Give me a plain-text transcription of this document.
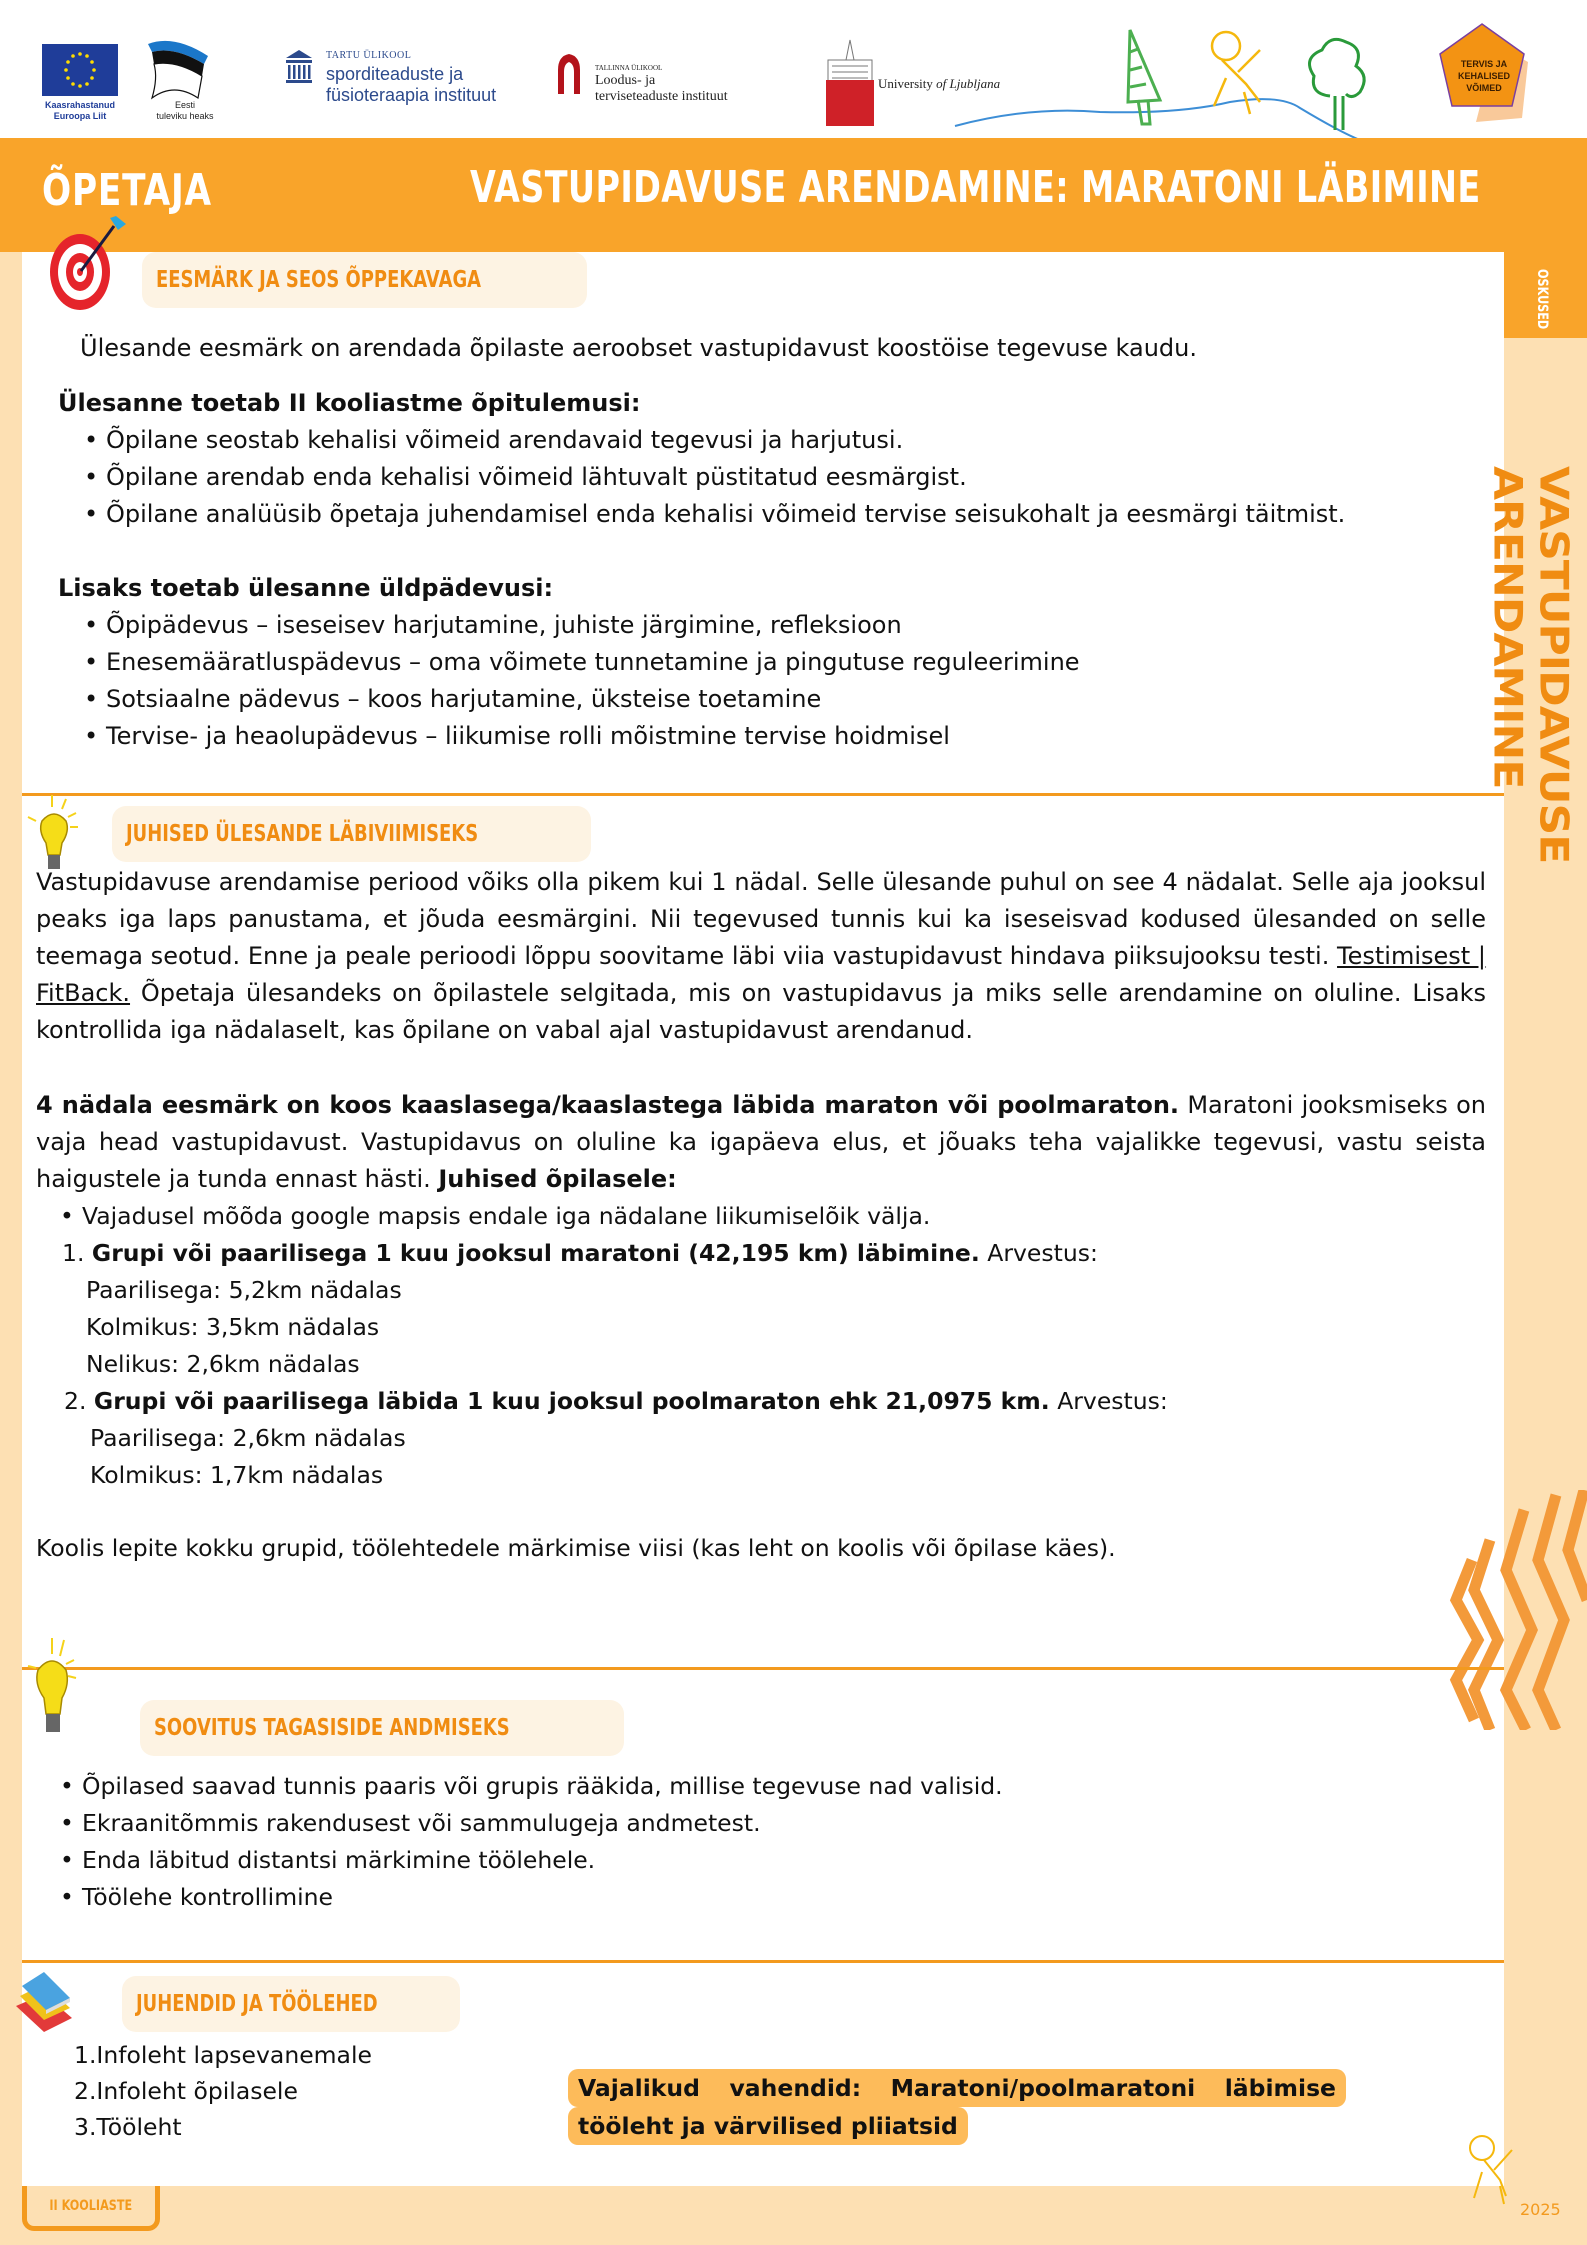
Kaasrahastanud
Euroopa Liit
Eesti
tuleviku heaks
TARTU ÜLIKOOL
sporditeaduste ja
füsioteraapia instituut
TALLINNA ÜLIKOOL
Loodus- ja
terviseteaduste instituut
University of Ljubljana
TERVIS JA
KEHALISED
VÕIMED
ÕPETAJA	VASTUPIDAVUSE ARENDAMINE: MARATONI LÄBIMINE
OSKUSED
VASTUPIDAVUSE ARENDAMINE
EESMÄRK JA SEOS ÕPPEKAVAGA
Ülesande eesmärk on arendada õpilaste aeroobset vastupidavust koostöise tegevuse kaudu.
Ülesanne toetab II kooliastme õpitulemusi:
• Õpilane seostab kehalisi võimeid arendavaid tegevusi ja harjutusi.
• Õpilane arendab enda kehalisi võimeid lähtuvalt püstitatud eesmärgist.
• Õpilane analüüsib õpetaja juhendamisel enda kehalisi võimeid tervise seisukohalt ja eesmärgi täitmist.
Lisaks toetab ülesanne üldpädevusi:
• Õpipädevus – iseseisev harjutamine, juhiste järgimine, refleksioon
• Enesemääratluspädevus – oma võimete tunnetamine ja pingutuse reguleerimine
• Sotsiaalne pädevus – koos harjutamine, üksteise toetamine
• Tervise- ja heaolupädevus – liikumise rolli mõistmine tervise hoidmisel
JUHISED ÜLESANDE LÄBIVIIMISEKS
Vastupidavuse arendamise periood võiks olla pikem kui 1 nädal. Selle ülesande puhul on see 4 nädalat. Selle aja jooksul peaks iga laps panustama, et jõuda eesmärgini. Nii tegevused tunnis kui ka iseseisvad kodused ülesanded on selle teemaga seotud. Enne ja peale perioodi lõppu soovitame läbi viia vastupidavust hindava piiksujooksu testi. Testimisest | FitBack. Õpetaja ülesandeks on õpilastele selgitada, mis on vastupidavus ja miks selle arendamine on oluline. Lisaks kontrollida iga nädalaselt, kas õpilane on vabal ajal vastupidavust arendanud.
4 nädala eesmärk on koos kaaslasega/kaaslastega läbida maraton või poolmaraton. Maratoni jooksmiseks on vaja head vastupidavust. Vastupidavus on oluline ka igapäeva elus, et jõuaks teha vajalikke tegevusi, vastu seista haigustele ja tunda ennast hästi. Juhised õpilasele:
• Vajadusel mõõda google mapsis endale iga nädalane liikumiselõik välja.
1. Grupi või paarilisega 1 kuu jooksul maratoni (42,195 km) läbimine. Arvestus:
Paarilisega: 5,2km nädalas
Kolmikus: 3,5km nädalas
Nelikus: 2,6km nädalas
2. Grupi või paarilisega läbida 1 kuu jooksul poolmaraton ehk 21,0975 km. Arvestus:
Paarilisega: 2,6km nädalas
Kolmikus: 1,7km nädalas
Koolis lepite kokku grupid, töölehtedele märkimise viisi (kas leht on koolis või õpilase käes).
SOOVITUS TAGASISIDE ANDMISEKS
• Õpilased saavad tunnis paaris või grupis rääkida, millise tegevuse nad valisid.
• Ekraanitõmmis rakendusest või sammulugeja andmetest.
• Enda läbitud distantsi märkimine töölehele.
• Töölehe kontrollimine
JUHENDID JA TÖÖLEHED
1.Infoleht lapsevanemale
2.Infoleht õpilasele
3.Tööleht
Vajalikud vahendid: Maratoni/poolmaratoni läbimise
tööleht ja värvilised pliiatsid
II KOOLIASTE	2025
